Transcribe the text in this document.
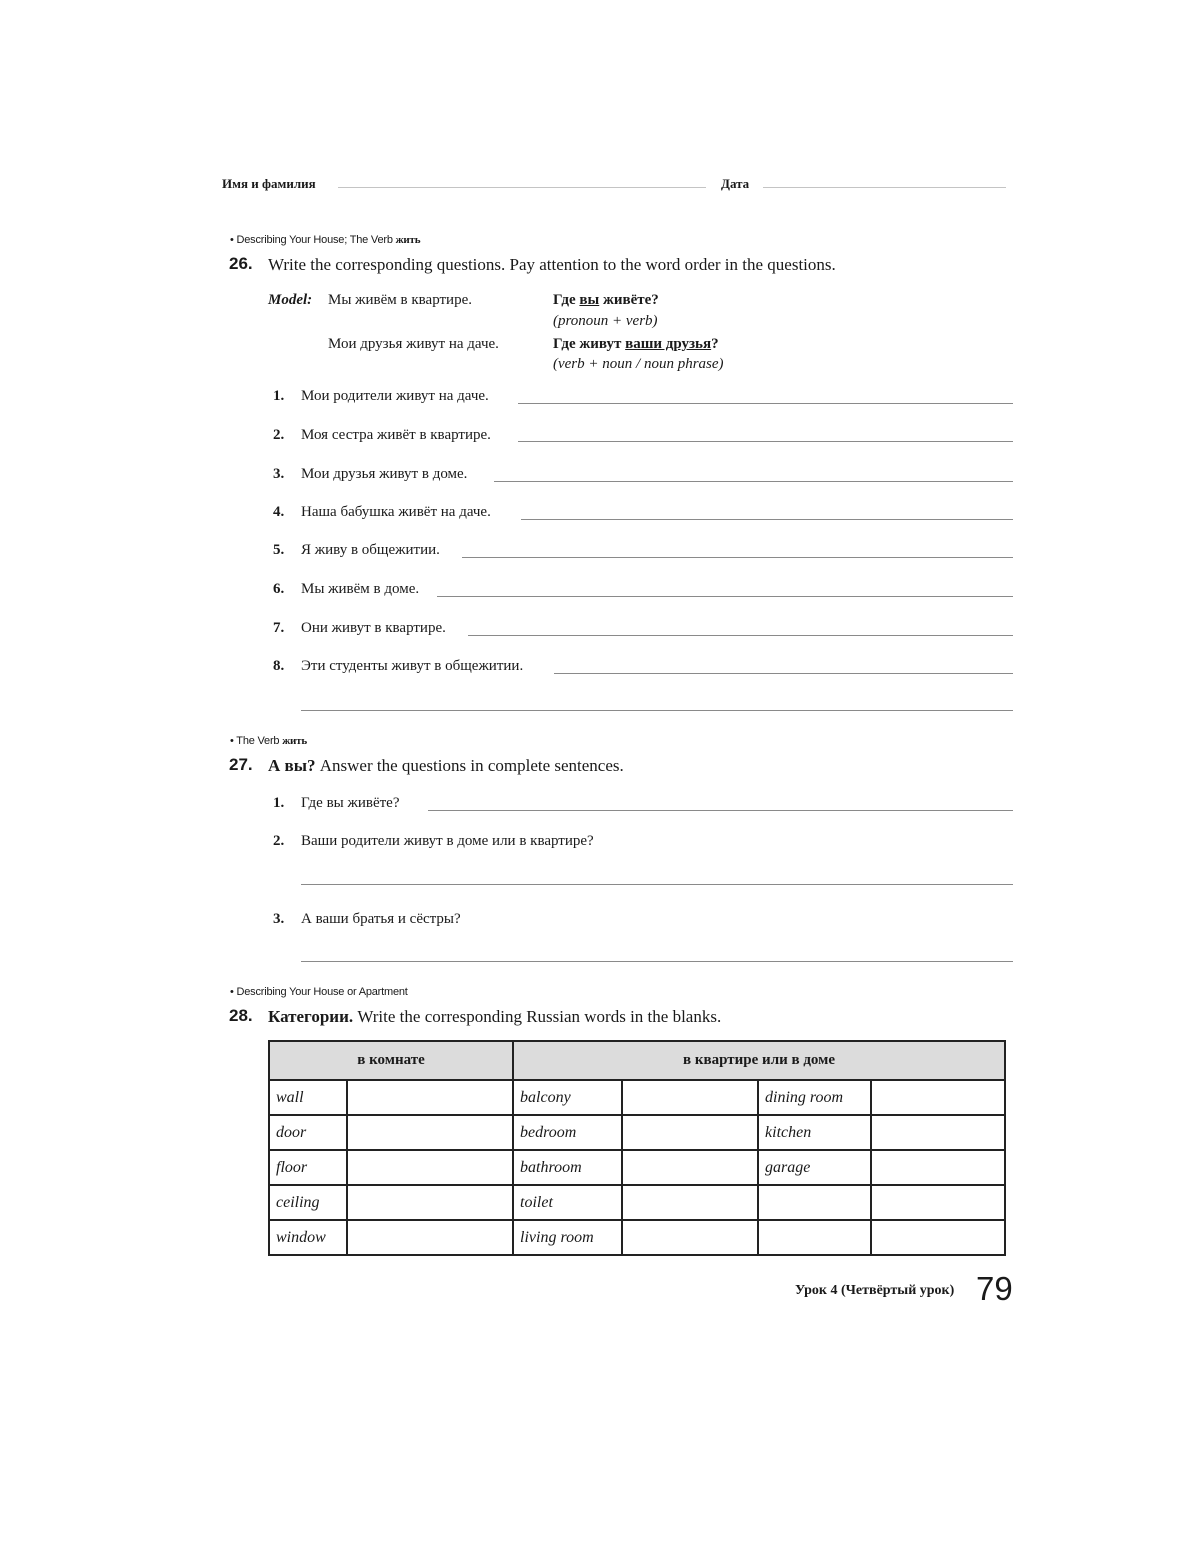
Имя и фамилия	Дата
• Describing Your House; The Verb жить
26. Write the corresponding questions. Pay attention to the word order in the questions.
Model: Мы живём в квартире.	Где вы живёте?
(pronoun + verb)
Мои друзья живут на даче.	Где живут ваши друзья?
(verb + noun / noun phrase)
1. Мои родители живут на даче.
2. Моя сестра живёт в квартире.
3. Мои друзья живут в доме.
4. Наша бабушка живёт на даче.
5. Я живу в общежитии.
6. Мы живём в доме.
7. Они живут в квартире.
8. Эти студенты живут в общежитии.
• The Verb жить
27. А вы? Answer the questions in complete sentences.
1. Где вы живёте?
2. Ваши родители живут в доме или в квартире?
3. А ваши братья и сёстры?
• Describing Your House or Apartment
28. Категории. Write the corresponding Russian words in the blanks.
в комнате		в квартире или в доме			
wall		balcony		dining room	
door		bedroom		kitchen	
floor		bathroom		garage	
ceiling		toilet			
window		living room			
Урок 4 (Четвёртый урок) 79
